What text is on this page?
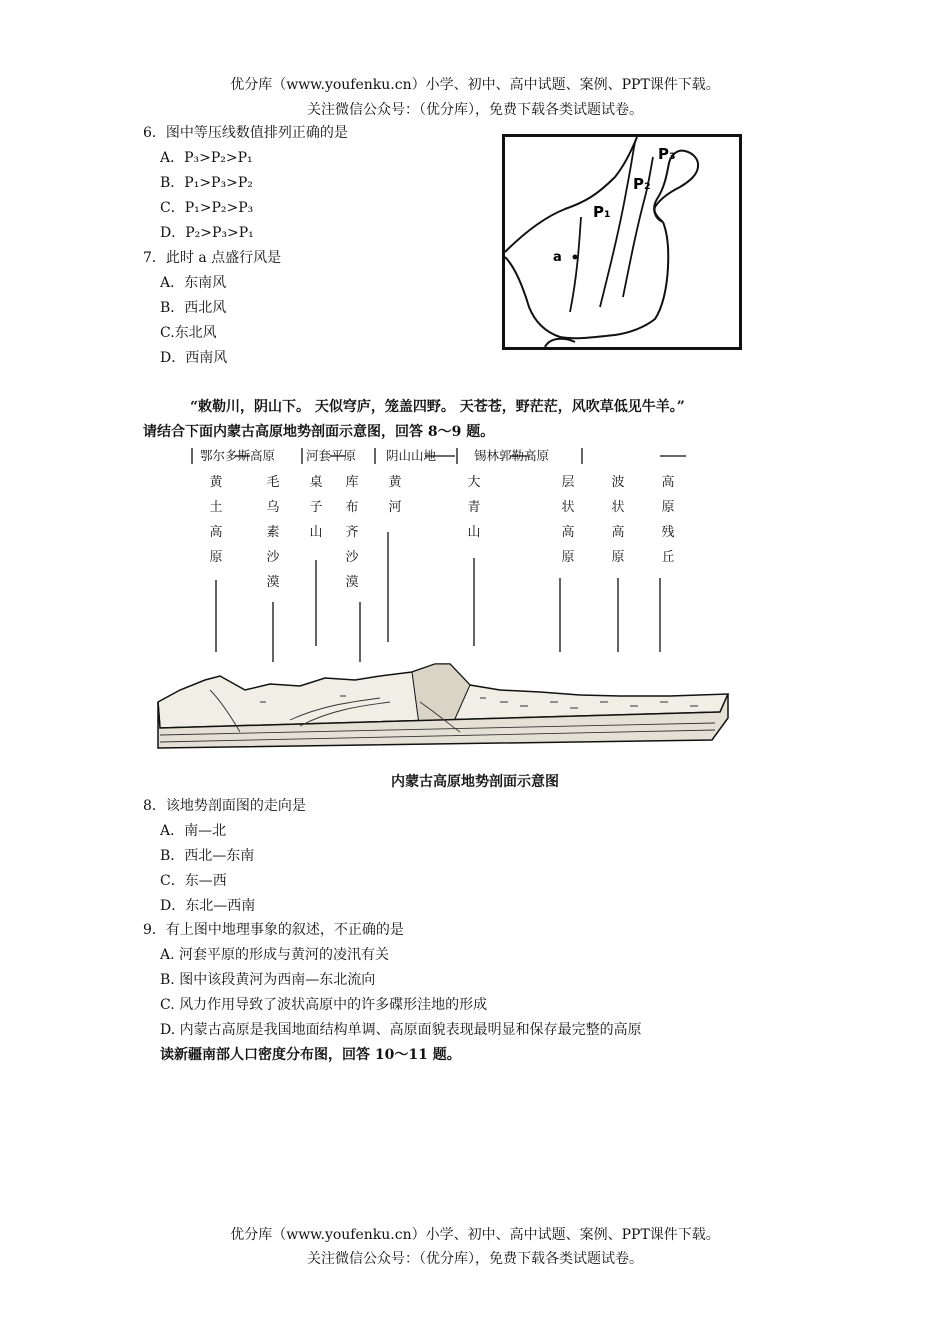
优分库（www.youfenku.cn）小学、初中、高中试题、案例、PPT课件下载。
关注微信公众号：（优分库），免费下载各类试题试卷。
6．图中等压线数值排列正确的是
A．P₃>P₂>P₁
B．P₁>P₃>P₂
C．P₁>P₂>P₃
D．P₂>P₃>P₁
7．此时 a 点盛行风是
A．东南风
B．西北风
C.东北风
D．西南风
P₁
P₂
P₃
a
“敕勒川，阴山下。 天似穹庐，笼盖四野。 天苍苍，野茫茫，风吹草低见牛羊。”
请结合下面内蒙古高原地势剖面示意图，回答 8～9 题。
鄂尔多斯高原 河套平原 阴山山地	锡林郭勒高原
黄
土
高
原
毛
乌
素
沙
漠
桌
子
山
库
布
齐
沙
漠
黄
河
大
青
山
层
状
高
原
波
状
高
原
高
原
残
丘
内蒙古高原地势剖面示意图
8．该地势剖面图的走向是
A．南—北
B．西北—东南
C．东—西
D．东北—西南
9．有上图中地理事象的叙述，不正确的是
A. 河套平原的形成与黄河的凌汛有关
B. 图中该段黄河为西南—东北流向
C. 风力作用导致了波状高原中的许多碟形洼地的形成
D. 内蒙古高原是我国地面结构单调、高原面貌表现最明显和保存最完整的高原
读新疆南部人口密度分布图，回答 10～11 题。
优分库（www.youfenku.cn）小学、初中、高中试题、案例、PPT课件下载。
关注微信公众号：（优分库），免费下载各类试题试卷。
